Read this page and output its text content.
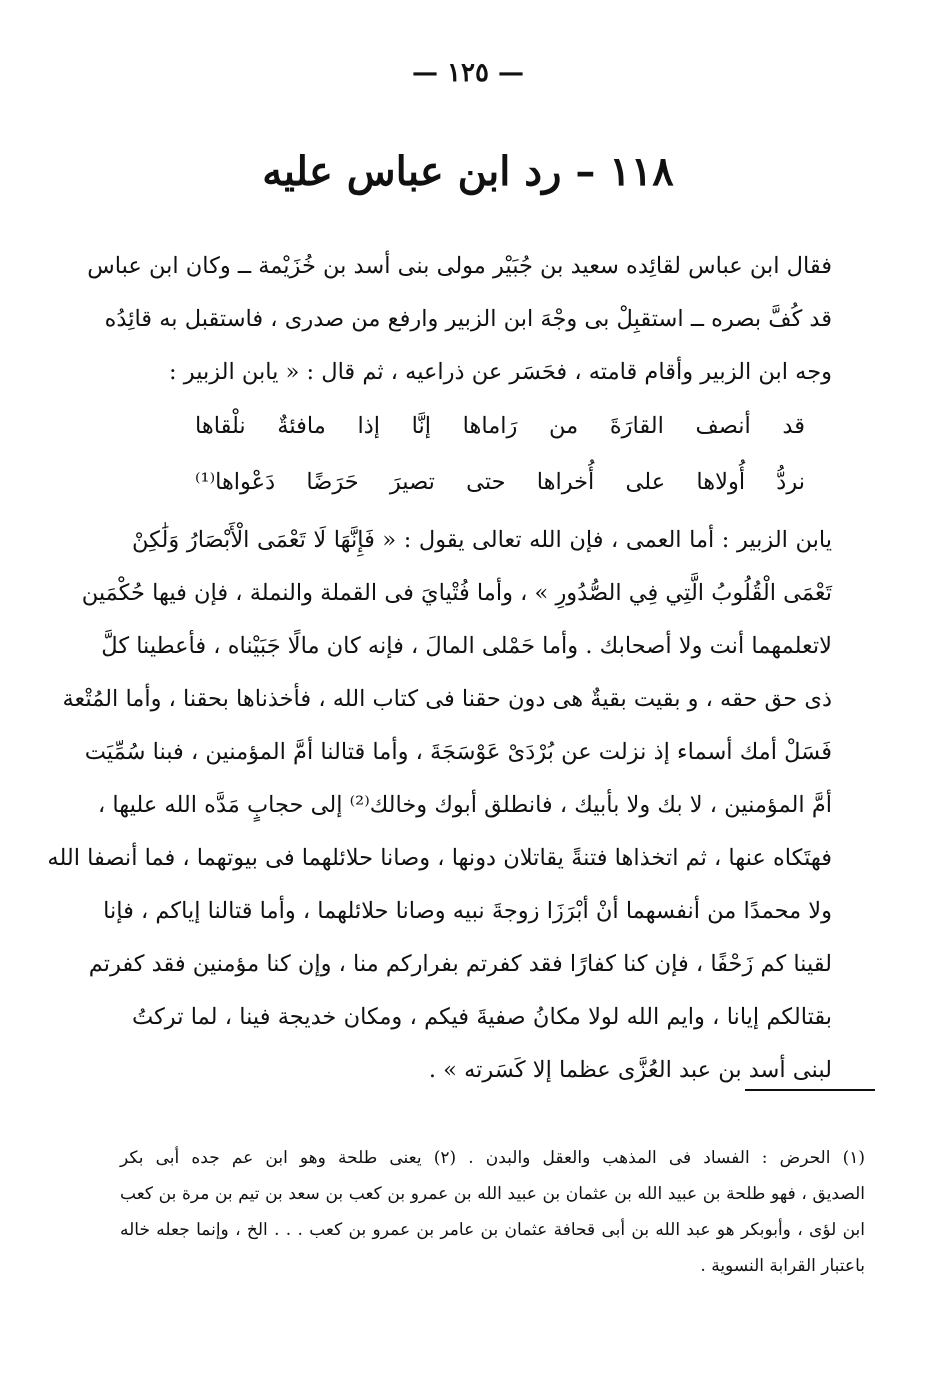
— ١٢٥ —
١١٨ – رد ابن عباس عليه
فقال ابن عباس لقائِده سعيد بن جُبَيْر مولى بنى أسد بن خُزَيْمة ــ وكان ابن عباس
قد كُفَّ بصره ــ استقبِلْ بى وجْهَ ابن الزبير وارفع من صدرى ، فاستقبل به قائِدُه
وجه ابن الزبير وأقام قامته ، فحَسَر عن ذراعيه ، ثم قال : « يابن الزبير :
قد أنصف القارَةَ من رَاماها إنَّا إذا مافئةٌ نلْقاها
نردُّ أُولاها على أُخراها حتى تصيرَ حَرَضًا دَعْواها⁽¹⁾
يابن الزبير : أما العمى ، فإن الله تعالى يقول : « فَإِنَّهَا لَا تَعْمَى الْأَبْصَارُ وَلَٰكِنْ
تَعْمَى الْقُلُوبُ الَّتِي فِي الصُّدُورِ » ، وأما فُتْيايَ فى القملة والنملة ، فإن فيها حُكْمَين
لاتعلمهما أنت ولا أصحابك . وأما حَمْلى المالَ ، فإنه كان مالًا جَبَيْناه ، فأعطينا كلَّ
ذى حق حقه ، و بقيت بقيةٌ هى دون حقنا فى كتاب الله ، فأخذناها بحقنا ، وأما المُتْعة
فَسَلْ أمك أسماء إذ نزلت عن بُرْدَىْ عَوْسَجَةَ ، وأما قتالنا أمَّ المؤمنين ، فبنا سُمِّيَت
أمَّ المؤمنين ، لا بك ولا بأبيك ، فانطلق أبوك وخالك⁽²⁾ إلى حجابٍ مَدَّه الله عليها ،
فهتَكاه عنها ، ثم اتخذاها فتنةً يقاتلان دونها ، وصانا حلائلهما فى بيوتهما ، فما أنصفا الله
ولا محمدًا من أنفسهما أنْ أبْرَزَا زوجةَ نبيه وصانا حلائلهما ، وأما قتالنا إياكم ، فإنا
لقينا كم زَحْفًا ، فإن كنا كفارًا فقد كفرتم بفراركم منا ، وإن كنا مؤمنين فقد كفرتم
بقتالكم إيانا ، وايم الله لولا مكانُ صفيةَ فيكم ، ومكان خديجة فينا ، لما تركتُ
لبنى أسد بن عبد العُزَّى عظما إلا كَسَرته » .
(١) الحرض : الفساد فى المذهب والعقل والبدن . (٢) يعنى طلحة وهو ابن عم جده أبى بكر
الصديق ، فهو طلحة بن عبيد الله بن عثمان بن عبيد الله بن عمرو بن كعب بن سعد بن تيم بن مرة بن كعب
ابن لؤى ، وأبوبكر هو عبد الله بن أبى قحافة عثمان بن عامر بن عمرو بن كعب . . . الخ ، وإنما جعله خاله
باعتبار القرابة النسوية .
